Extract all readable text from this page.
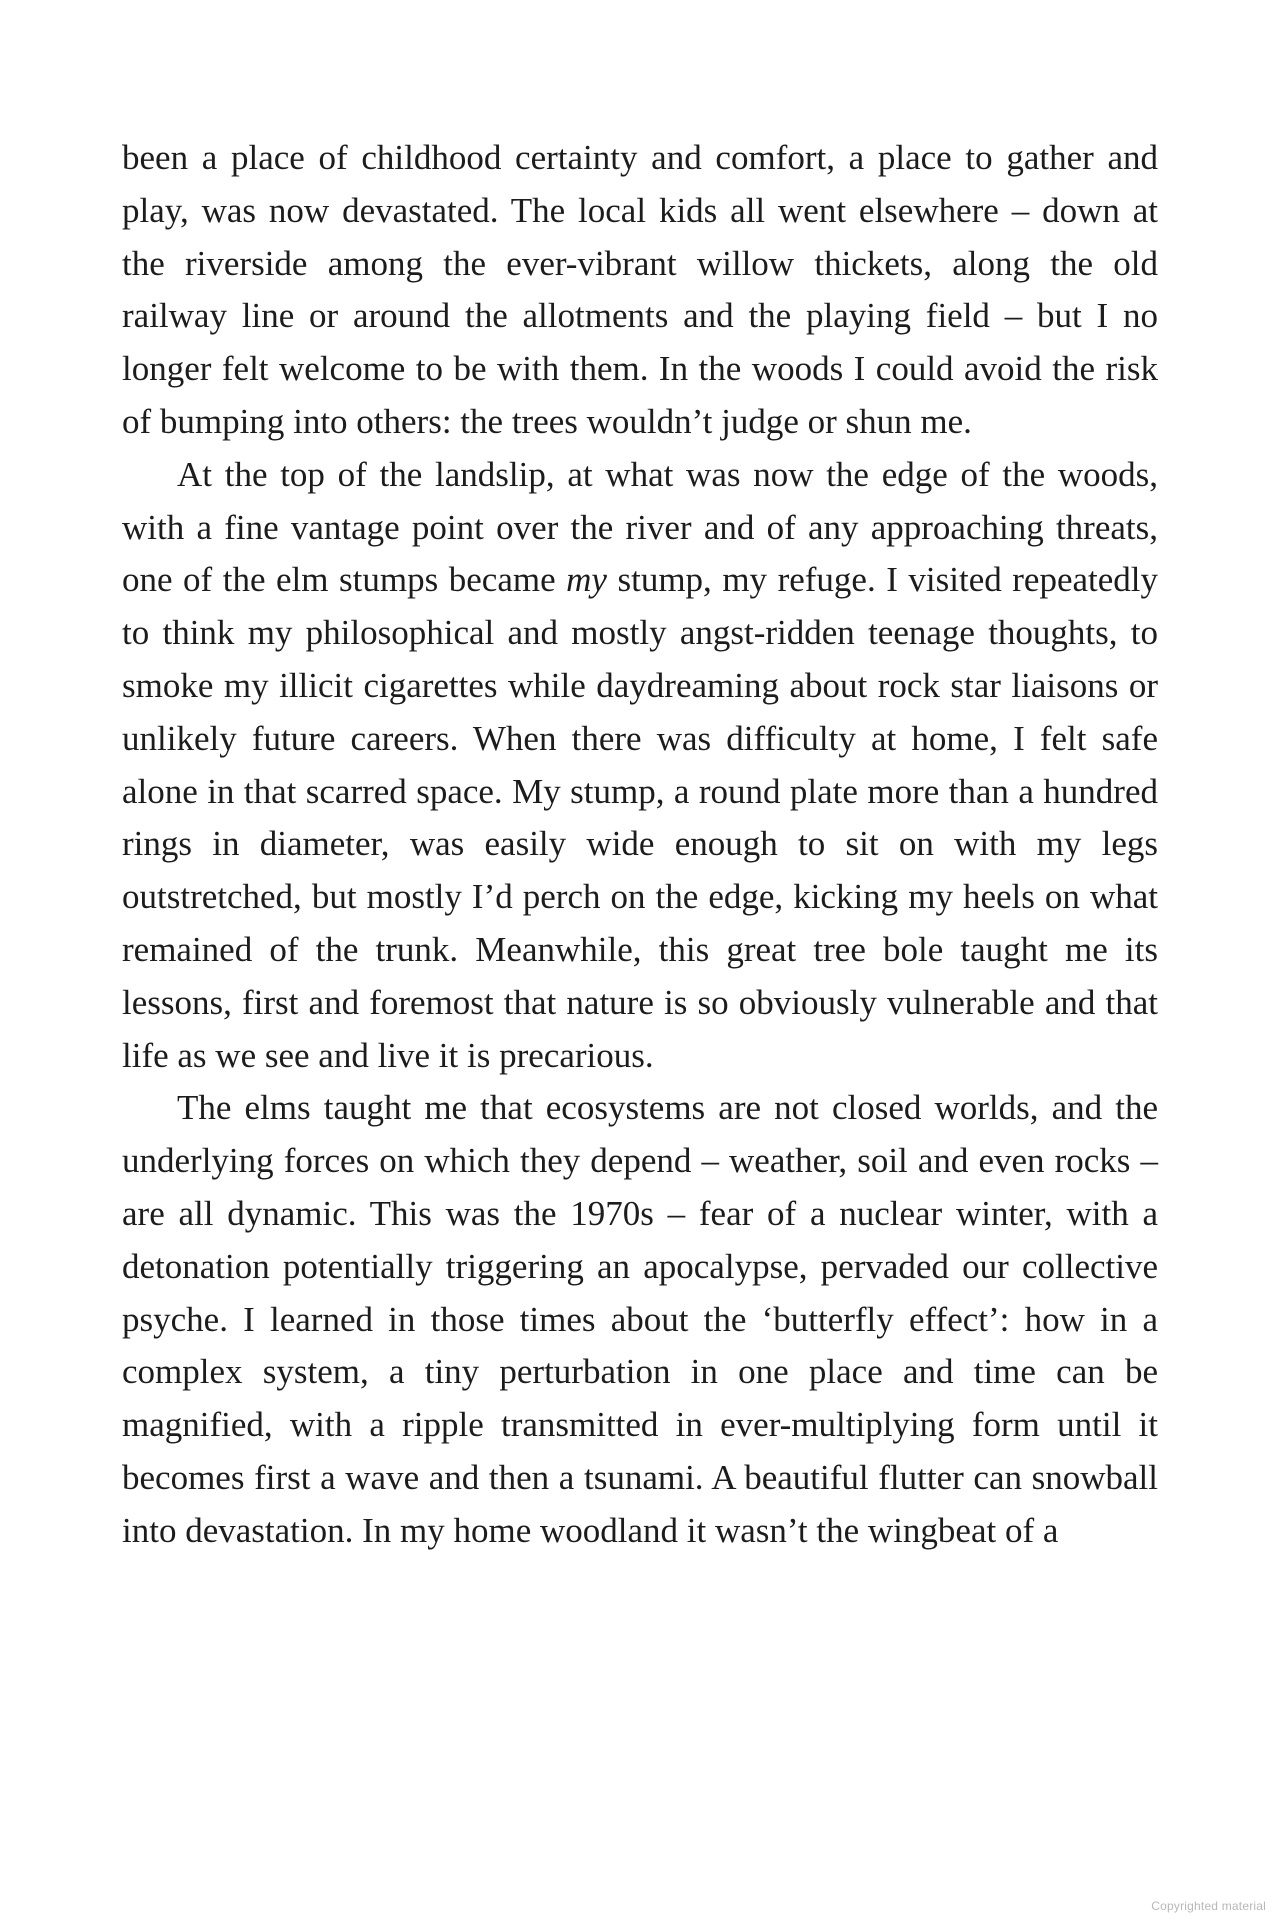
been a place of childhood certainty and comfort, a place to gather and play, was now devastated. The local kids all went elsewhere – down at the riverside among the ever-vibrant willow thickets, along the old railway line or around the allotments and the playing field – but I no longer felt welcome to be with them. In the woods I could avoid the risk of bumping into others: the trees wouldn’t judge or shun me.

At the top of the landslip, at what was now the edge of the woods, with a fine vantage point over the river and of any approaching threats, one of the elm stumps became my stump, my refuge. I visited repeatedly to think my philosophical and mostly angst-ridden teenage thoughts, to smoke my illicit cigarettes while daydreaming about rock star liaisons or unlikely future careers. When there was difficulty at home, I felt safe alone in that scarred space. My stump, a round plate more than a hundred rings in diameter, was easily wide enough to sit on with my legs outstretched, but mostly I’d perch on the edge, kicking my heels on what remained of the trunk. Meanwhile, this great tree bole taught me its lessons, first and foremost that nature is so obviously vulnerable and that life as we see and live it is precarious.

The elms taught me that ecosystems are not closed worlds, and the underlying forces on which they depend – weather, soil and even rocks – are all dynamic. This was the 1970s – fear of a nuclear winter, with a detonation potentially triggering an apocalypse, pervaded our collective psyche. I learned in those times about the ‘butterfly effect’: how in a complex system, a tiny perturbation in one place and time can be magnified, with a ripple transmitted in ever-multiplying form until it becomes first a wave and then a tsunami. A beautiful flutter can snowball into devastation. In my home woodland it wasn’t the wingbeat of a

Copyrighted material
